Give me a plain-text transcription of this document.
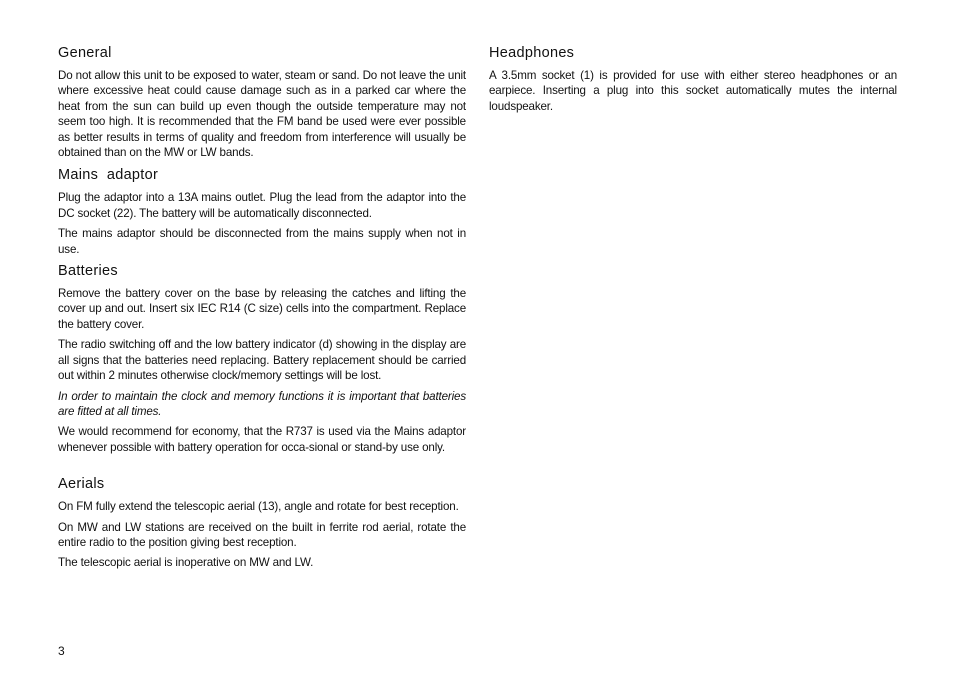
General

Do not allow this unit to be exposed to water, steam or sand. Do not leave the unit where excessive heat could cause damage such as in a parked car where the heat from the sun can build up even though the outside temperature may not seem too high. It is recommended that the FM band be used were ever possible as better results in terms of quality and freedom from interference will usually be obtained than on the MW or LW bands.

Mains  adaptor

Plug the adaptor into a 13A mains outlet. Plug the lead from the adaptor into the DC socket (22). The battery will be automatically disconnected.

The mains adaptor should be disconnected from the mains supply when not in use.

Batteries

Remove the battery cover on the base by releasing the catches and lifting the cover up and out. Insert six IEC R14 (C size) cells into the compartment. Replace the battery cover.

The radio switching off and the low battery indicator (d) showing in the display are all signs that the batteries need replacing. Battery replacement should be carried out within 2 minutes otherwise clock/memory settings will be lost.

In order to maintain the clock and memory functions it is important that batteries are fitted at all times.

We would recommend for economy, that the R737 is used via the Mains adaptor whenever possible with battery operation for occa-sional or stand-by use only.

Aerials

On FM fully extend the telescopic aerial (13), angle and rotate for best reception.

On MW and LW stations are received on the built in ferrite rod aerial, rotate the entire radio to the position giving best reception.

The telescopic aerial is inoperative on MW and LW.

Headphones

A 3.5mm socket (1) is provided for use with either stereo headphones or an earpiece. Inserting a plug into this socket automatically mutes the internal loudspeaker.

3
